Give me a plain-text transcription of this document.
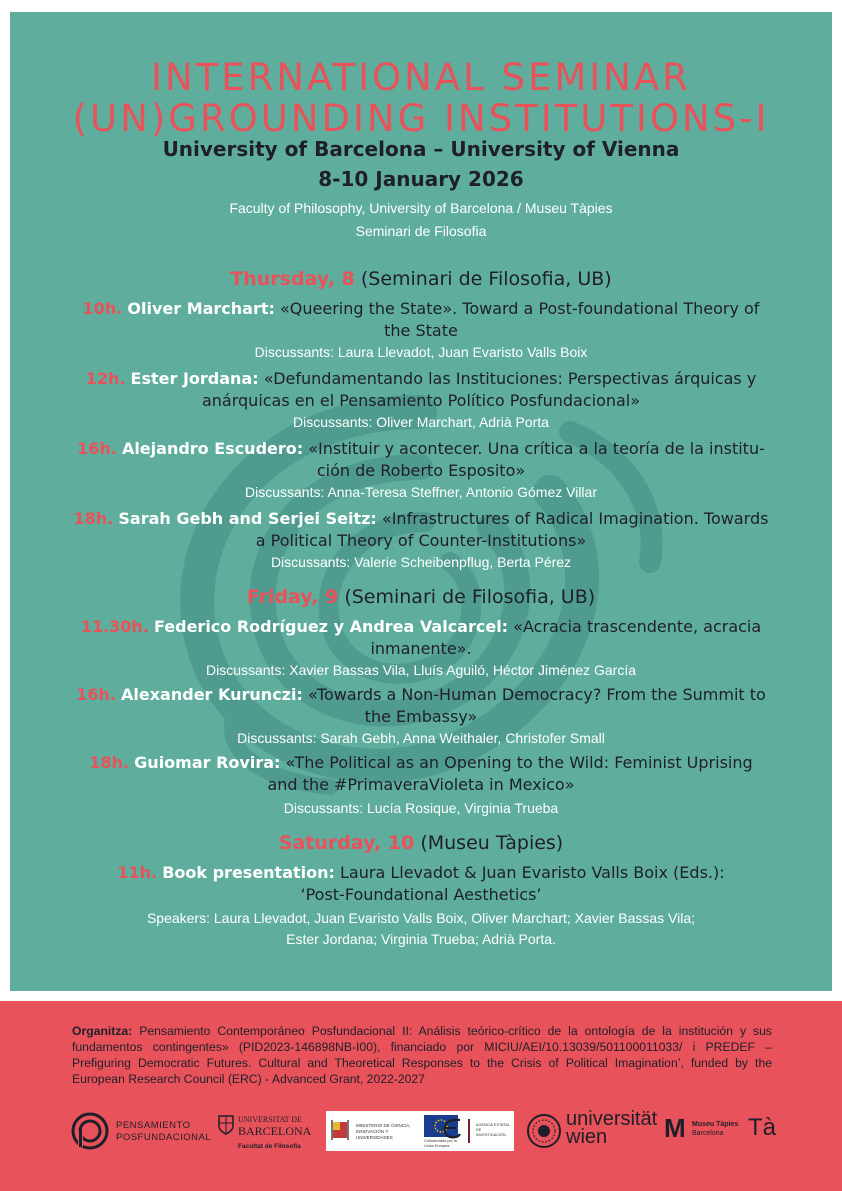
INTERNATIONAL SEMINAR
(UN)GROUNDING INSTITUTIONS-I
University of Barcelona – University of Vienna
8-10 January 2026
Faculty of Philosophy, University of Barcelona / Museu Tàpies
Seminari de Filosofia
Thursday, 8 (Seminari de Filosofia, UB)
10h. Oliver Marchart: «Queering the State». Toward a Post-foundational Theory of
the State
Discussants: Laura Llevadot, Juan Evaristo Valls Boix
12h. Ester Jordana: «Defundamentando las Instituciones: Perspectivas árquicas y
anárquicas en el Pensamiento Político Posfundacional»
Discussants: Oliver Marchart, Adrià Porta
16h. Alejandro Escudero: «Instituir y acontecer. Una crítica a la teoría de la institu-
ción de Roberto Esposito»
Discussants: Anna-Teresa Steffner, Antonio Gómez Villar
18h. Sarah Gebh and Serjei Seitz: «Infrastructures of Radical Imagination. Towards
a Political Theory of Counter-Institutions»
Discussants: Valerie Scheibenpflug, Berta Pérez
Friday, 9 (Seminari de Filosofia, UB)
11.30h. Federico Rodríguez y Andrea Valcarcel: «Acracia trascendente, acracia
inmanente».
Discussants: Xavier Bassas Vila, Lluís Aguiló, Héctor Jiménez García
16h. Alexander Kurunczi: «Towards a Non-Human Democracy? From the Summit to
the Embassy»
Discussants: Sarah Gebh, Anna Weithaler, Christofer Small
18h. Guiomar Rovira: «The Political as an Opening to the Wild: Feminist Uprising
and the #PrimaveraVioleta in Mexico»
Discussants: Lucía Rosique, Virginia Trueba
Saturday, 10 (Museu Tàpies)
11h. Book presentation: Laura Llevadot & Juan Evaristo Valls Boix (Eds.):
‘Post-Foundational Aesthetics’
Speakers: Laura Llevadot, Juan Evaristo Valls Boix, Oliver Marchart; Xavier Bassas Vila;
Ester Jordana; Virginia Trueba; Adrià Porta.
Organitza: Pensamiento Contemporáneo Posfundacional II: Análisis teórico-crítico de la ontología de la institución y sus fundamentos contingentes» (PID2023-146898NB-I00), financiado por MICIU/AEI/10.13039/501100011033/ i PREDEF – Prefiguring Democratic Futures. Cultural and Theoretical Responses to the Crisis of Political Imagination’, funded by the European Research Council (ERC) - Advanced Grant, 2022-2027
PENSAMIENTO
POSFUNDACIONAL
UNIVERSITAT DE
BARCELONA
Facultat de Filosofia
MINISTERIO DE CIENCIA, INNOVACIÓN Y UNIVERSIDADES
Cofinanciado por la Unión Europea
AGENCIA ESTATAL DE INVESTIGACIÓN
universität
wien M Museu Tàpies
Barcelona Tà
